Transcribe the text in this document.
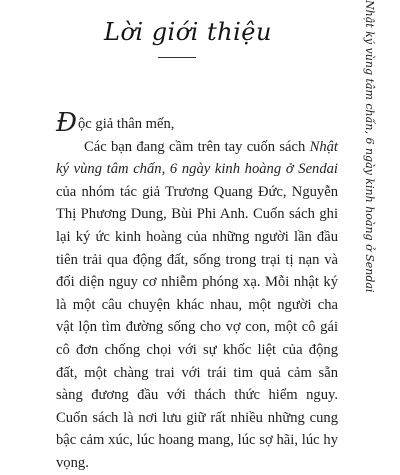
Lời giới thiệu	Nhật ký vùng tâm chấn, 6 ngày kinh hoàng ở Sendai

Độc giả thân mến,

Các bạn đang cầm trên tay cuốn sách Nhật ký vùng tâm chấn, 6 ngày kinh hoàng ở Sendai của nhóm tác giả Trương Quang Đức, Nguyễn Thị Phương Dung, Bùi Phi Anh. Cuốn sách ghi lại ký ức kinh hoàng của những người lần đầu tiên trải qua động đất, sống trong trại tị nạn và đối diện nguy cơ nhiễm phóng xạ. Mỗi nhật ký là một câu chuyện khác nhau, một người cha vật lộn tìm đường sống cho vợ con, một cô gái cô đơn chống chọi với sự khốc liệt của động đất, một chàng trai với trái tim quả cảm sẵn sàng đương đầu với thách thức hiểm nguy. Cuốn sách là nơi lưu giữ rất nhiều những cung bậc cảm xúc, lúc hoang mang, lúc sợ hãi, lúc hy vọng.
